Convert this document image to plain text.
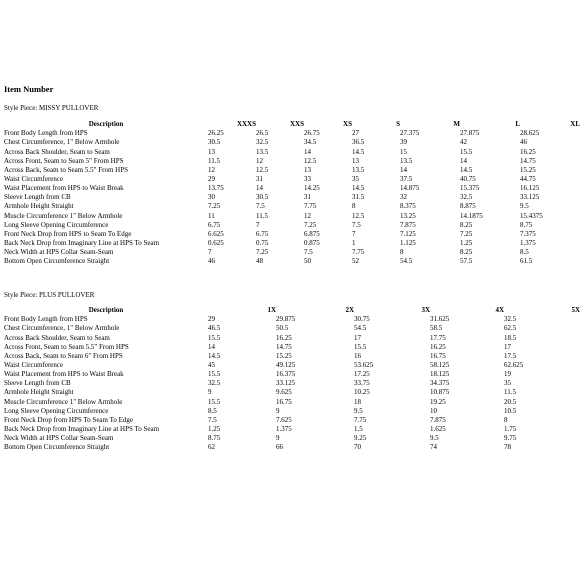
Item Number
Style Piece: MISSY PULLOVER
Description	XXXS	XXS	XS	S	M	L	XL
Front Body Length from HPS	26.25	26.5	26.75	27	27.375	27.875	28.625
Chest Circumference, 1" Below Armhole	30.5	32.5	34.5	36.5	39	42	46
Across Back Shoulder, Seam to Seam	13	13.5	14	14.5	15	15.5	16.25
Across Front, Seam to Seam 5" From HPS	11.5	12	12.5	13	13.5	14	14.75
Across Back, Seam to Seam 5.5" From HPS	12	12.5	13	13.5	14	14.5	15.25
Waist Circumference	29	31	33	35	37.5	40.75	44.75
Waist Placement from HPS to Waist Break	13.75	14	14.25	14.5	14.875	15.375	16.125
Sleeve Length from CB	30	30.5	31	31.5	32	32.5	33.125
Armhole Height Straight	7.25	7.5	7.75	8	8.375	8.875	9.5
Muscle Circumference 1" Below Armhole	11	11.5	12	12.5	13.25	14.1875	15.4375
Long Sleeve Opening Circumference	6.75	7	7.25	7.5	7.875	8.25	8.75
Front Neck Drop from HPS to Seam To Edge	6.625	6.75	6.875	7	7.125	7.25	7.375
Back Neck Drop from Imaginary Line at HPS To Seam	0.625	0.75	0.875	1	1.125	1.25	1.375
Neck Width at HPS Collar Seam-Seam	7	7.25	7.5	7.75	8	8.25	8.5
Bottom Open Circumference Straight	46	48	50	52	54.5	57.5	61.5
Style Piece: PLUS PULLOVER
Description	1X	2X	3X	4X	5X
Front Body Length from HPS	29	29.875	30.75	31.625	32.5
Chest Circumference, 1" Below Armhole	46.5	50.5	54.5	58.5	62.5
Across Back Shoulder, Seam to Seam	15.5	16.25	17	17.75	18.5
Across Front, Seam to Seam 5.5" From HPS	14	14.75	15.5	16.25	17
Across Back, Seam to Seam 6" From HPS	14.5	15.25	16	16.75	17.5
Waist Circumference	45	49.125	53.625	58.125	62.625
Waist Placement from HPS to Waist Break	15.5	16.375	17.25	18.125	19
Sleeve Length from CB	32.5	33.125	33.75	34.375	35
Armhole Height Straight	9	9.625	10.25	10.875	11.5
Muscle Circumference 1" Below Armhole	15.5	16.75	18	19.25	20.5
Long Sleeve Opening Circumference	8.5	9	9.5	10	10.5
Front Neck Drop from HPS To Seam To Edge	7.5	7.625	7.75	7.875	8
Back Neck Drop from Imaginary Line at HPS To Seam	1.25	1.375	1.5	1.625	1.75
Neck Width at HPS Collar Seam-Seam	8.75	9	9.25	9.5	9.75
Bottom Open Circumference Straight	62	66	70	74	78
